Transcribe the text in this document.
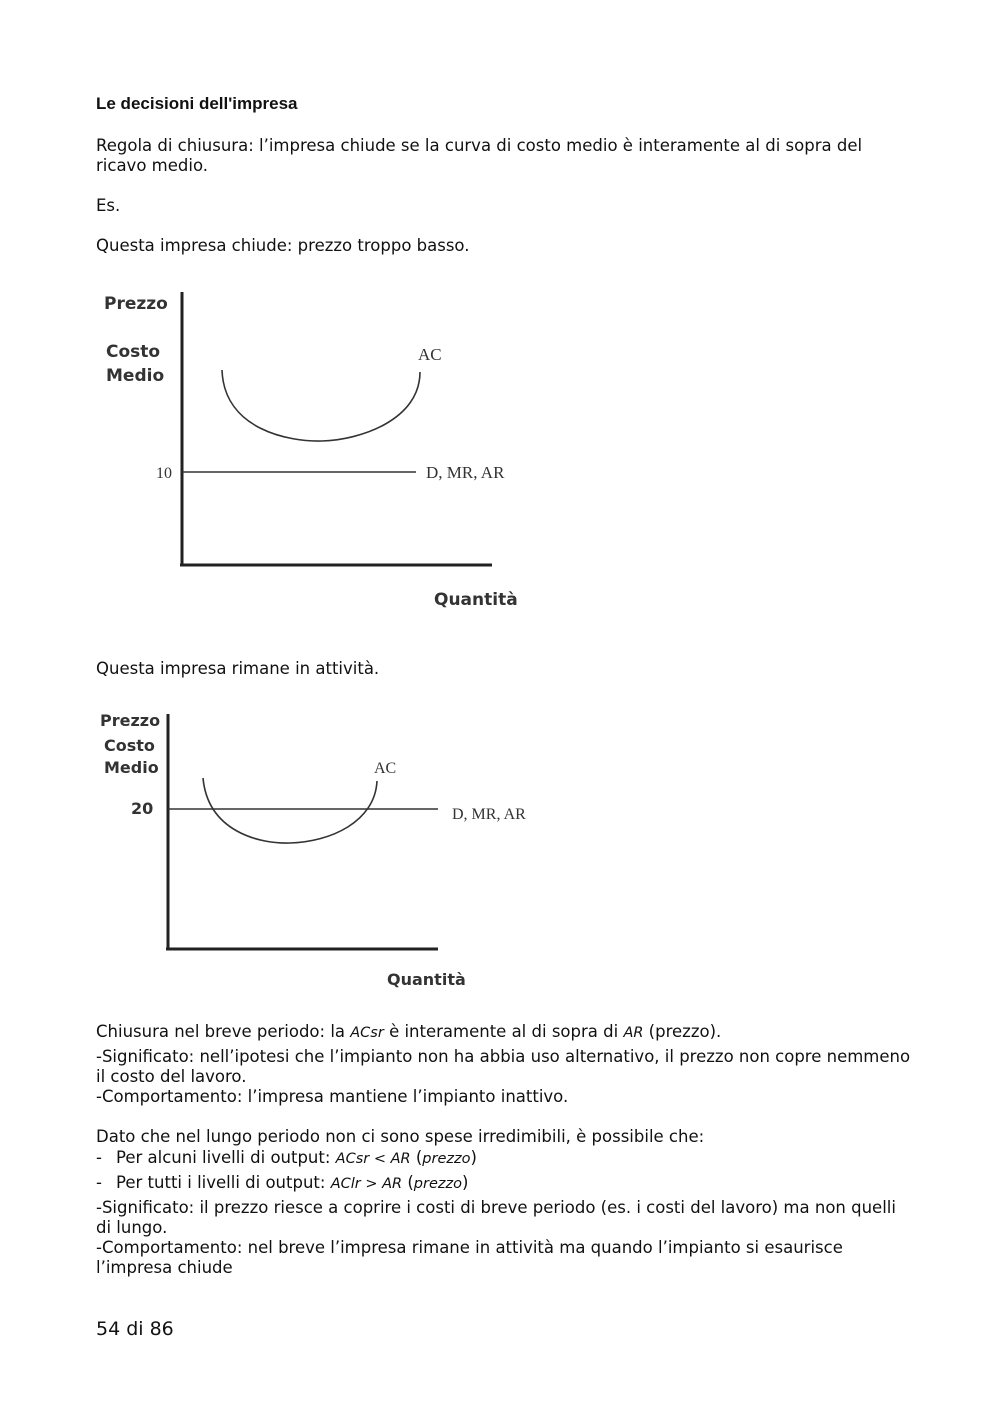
Le decisioni dell'impresa

Regola di chiusura: l’impresa chiude se la curva di costo medio è interamente al di sopra del

ricavo medio.

Es.

Questa impresa chiude: prezzo troppo basso.

Prezzo
Costo
Medio
10
AC
D, MR, AR
Quantità

Questa impresa rimane in attività.

Prezzo
Costo
Medio
20
AC
D, MR, AR
Quantità

Chiusura nel breve periodo: la ACsr è interamente al di sopra di AR (prezzo).

-Significato: nell’ipotesi che l’impianto non ha abbia uso alternativo, il prezzo non copre nemmeno

il costo del lavoro.

-Comportamento: l’impresa mantiene l’impianto inattivo.

Dato che nel lungo periodo non ci sono spese irredimibili, è possibile che:

- Per alcuni livelli di output: ACsr < AR (prezzo)

- Per tutti i livelli di output: AClr > AR (prezzo)

-Significato: il prezzo riesce a coprire i costi di breve periodo (es. i costi del lavoro) ma non quelli

di lungo.

-Comportamento: nel breve l’impresa rimane in attività ma quando l’impianto si esaurisce

l’impresa chiude

54 di 86
